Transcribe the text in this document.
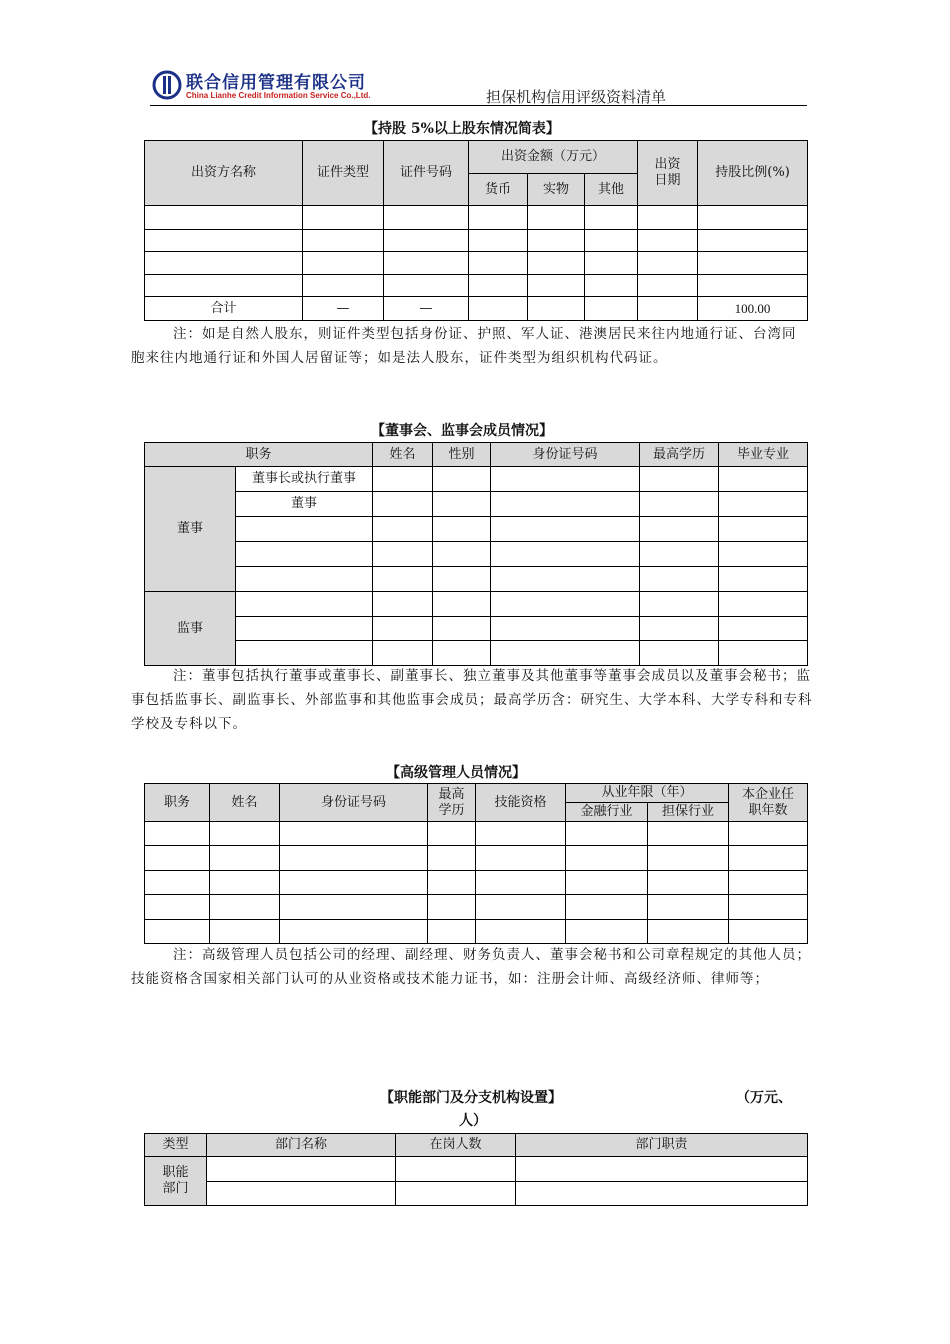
联合信用管理有限公司
China Lianhe Credit Information Service Co.,Ltd.	担保机构信用评级资料清单
【持股 5%以上股东情况简表】
出资方名称	证件类型	证件号码	出资金额（万元）			出资日期	持股比例(%)
			货币	实物	其他		

合计	—	—					100.00
注：如是自然人股东，则证件类型包括身份证、护照、军人证、港澳居民来往内地通行证、台湾同胞来往内地通行证和外国人居留证等；如是法人股东，证件类型为组织机构代码证。
【董事会、监事会成员情况】
职务		姓名	性别	身份证号码	最高学历	毕业专业
董事	董事长或执行董事					
	董事					

监事						

注：董事包括执行董事或董事长、副董事长、独立董事及其他董事等董事会成员以及董事会秘书；监事包括监事长、副监事长、外部监事和其他监事会成员；最高学历含：研究生、大学本科、大学专科和专科学校及专科以下。
【高级管理人员情况】
职务	姓名	身份证号码	最高学历	技能资格	从业年限（年）		本企业任职年数
					金融行业	担保行业	

注：高级管理人员包括公司的经理、副经理、财务负责人、董事会秘书和公司章程规定的其他人员；技能资格含国家相关部门认可的从业资格或技术能力证书，如：注册会计师、高级经济师、律师等；
【职能部门及分支机构设置】	（万元、
人）
类型	部门名称	在岗人数	部门职责
职能部门			
